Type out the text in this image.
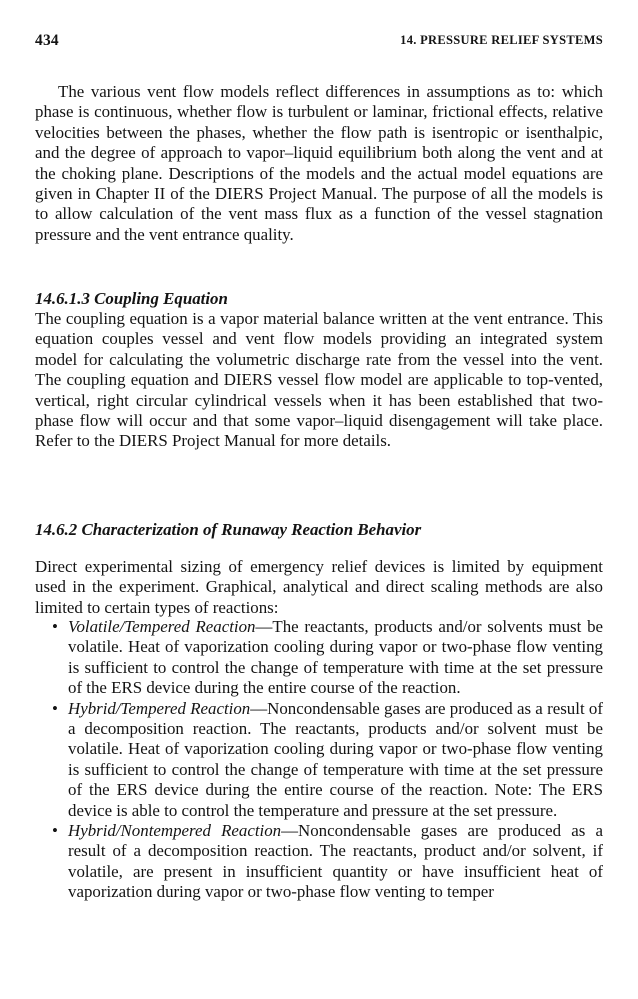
434	14. PRESSURE RELIEF SYSTEMS

The various vent flow models reflect differences in assumptions as to: which phase is continuous, whether flow is turbulent or laminar, frictional effects, relative velocities between the phases, whether the flow path is isentropic or isenthalpic, and the degree of approach to vapor–liquid equilibrium both along the vent and at the choking plane. Descriptions of the models and the actual model equations are given in Chapter II of the DIERS Project Manual. The purpose of all the models is to allow calculation of the vent mass flux as a function of the vessel stagnation pressure and the vent entrance quality.

14.6.1.3 Coupling Equation

The coupling equation is a vapor material balance written at the vent entrance. This equation couples vessel and vent flow models providing an integrated system model for calculating the volumetric discharge rate from the vessel into the vent. The coupling equation and DIERS vessel flow model are applicable to top-vented, vertical, right circular cylindrical vessels when it has been established that two-phase flow will occur and that some vapor–liquid disengagement will take place. Refer to the DIERS Project Manual for more details.

14.6.2 Characterization of Runaway Reaction Behavior

Direct experimental sizing of emergency relief devices is limited by equipment used in the experiment. Graphical, analytical and direct scaling methods are also limited to certain types of reactions:

• Volatile/Tempered Reaction—The reactants, products and/or solvents must be volatile. Heat of vaporization cooling during vapor or two-phase flow venting is sufficient to control the change of temperature with time at the set pressure of the ERS device during the entire course of the reaction.
• Hybrid/Tempered Reaction—Noncondensable gases are produced as a result of a decomposition reaction. The reactants, products and/or solvent must be volatile. Heat of vaporization cooling during vapor or two-phase flow venting is sufficient to control the change of temperature with time at the set pressure of the ERS device during the entire course of the reaction. Note: The ERS device is able to control the temperature and pressure at the set pressure.
• Hybrid/Nontempered Reaction—Noncondensable gases are produced as a result of a decomposition reaction. The reactants, product and/or solvent, if volatile, are present in insufficient quantity or have insufficient heat of vaporization during vapor or two-phase flow venting to temper
